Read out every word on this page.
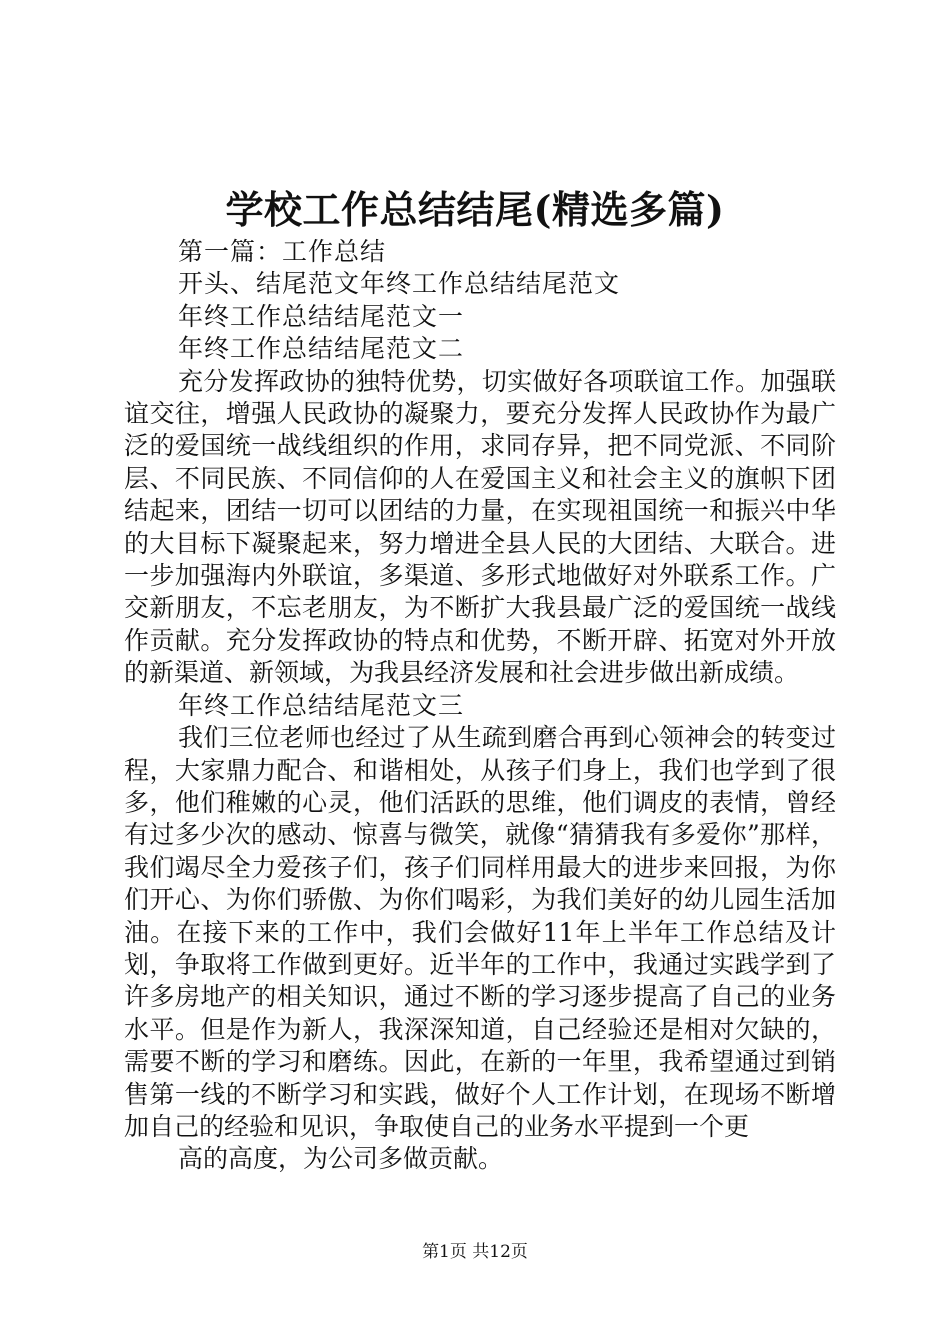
学校工作总结结尾(精选多篇)

第一篇：工作总结

开头、结尾范文年终工作总结结尾范文

年终工作总结结尾范文一

年终工作总结结尾范文二

充分发挥政协的独特优势，切实做好各项联谊工作。加强联谊交往，增强人民政协的凝聚力，要充分发挥人民政协作为最广泛的爱国统一战线组织的作用，求同存异，把不同党派、不同阶层、不同民族、不同信仰的人在爱国主义和社会主义的旗帜下团结起来，团结一切可以团结的力量，在实现祖国统一和振兴中华的大目标下凝聚起来，努力增进全县人民的大团结、大联合。进一步加强海内外联谊，多渠道、多形式地做好对外联系工作。广交新朋友，不忘老朋友，为不断扩大我县最广泛的爱国统一战线作贡献。充分发挥政协的特点和优势，不断开辟、拓宽对外开放的新渠道、新领域，为我县经济发展和社会进步做出新成绩。

年终工作总结结尾范文三

我们三位老师也经过了从生疏到磨合再到心领神会的转变过程，大家鼎力配合、和谐相处，从孩子们身上，我们也学到了很多，他们稚嫩的心灵，他们活跃的思维，他们调皮的表情，曾经有过多少次的感动、惊喜与微笑，就像“猜猜我有多爱你”那样，我们竭尽全力爱孩子们，孩子们同样用最大的进步来回报，为你们开心、为你们骄傲、为你们喝彩，为我们美好的幼儿园生活加油。在接下来的工作中，我们会做好11年上半年工作总结及计划，争取将工作做到更好。近半年的工作中，我通过实践学到了许多房地产的相关知识，通过不断的学习逐步提高了自己的业务水平。但是作为新人，我深深知道，自己经验还是相对欠缺的，需要不断的学习和磨练。因此，在新的一年里，我希望通过到销售第一线的不断学习和实践，做好个人工作计划，在现场不断增加自己的经验和见识，争取使自己的业务水平提到一个更

高的高度，为公司多做贡献。

第1页 共12页
